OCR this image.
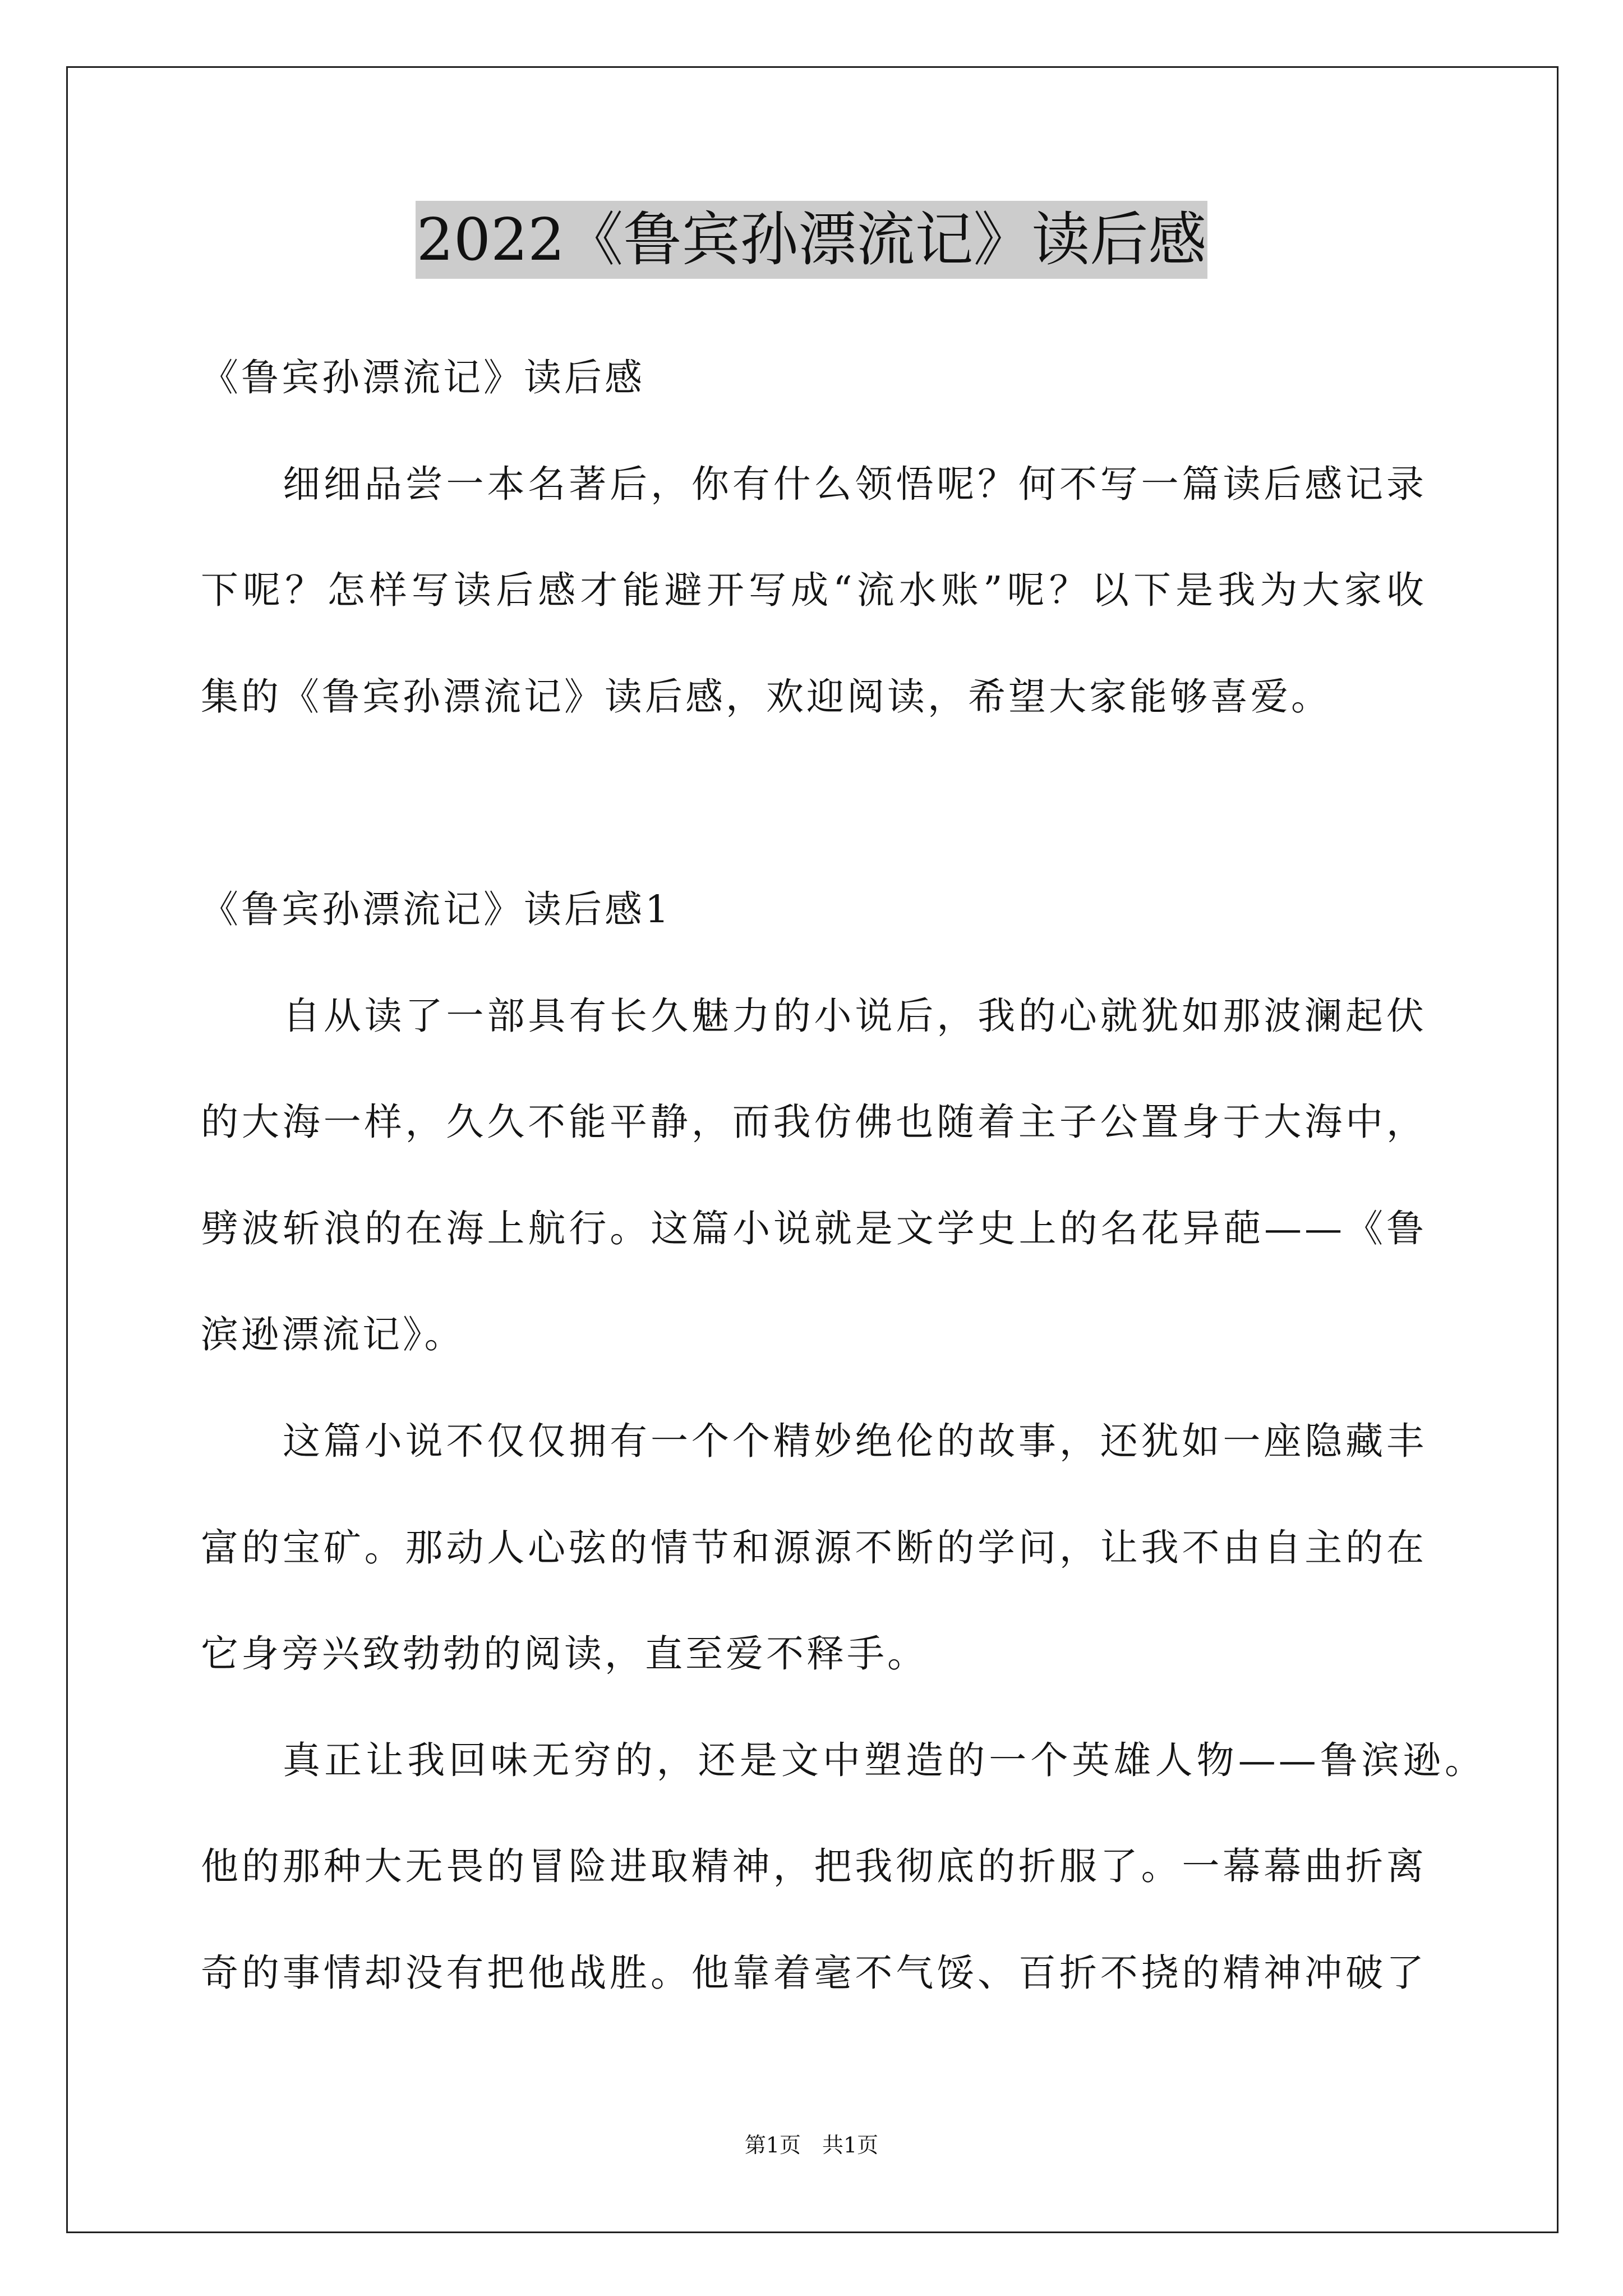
2022《鲁宾孙漂流记》读后感
《鲁宾孙漂流记》读后感
细细品尝一本名著后，你有什么领悟呢？何不写一篇读后感记录
下呢？怎样写读后感才能避开写成“流水账”呢？以下是我为大家收
集的《鲁宾孙漂流记》读后感，欢迎阅读，希望大家能够喜爱。
《鲁宾孙漂流记》读后感1
自从读了一部具有长久魅力的小说后，我的心就犹如那波澜起伏
的大海一样，久久不能平静，而我仿佛也随着主子公置身于大海中，
劈波斩浪的在海上航行。这篇小说就是文学史上的名花异葩——《鲁
滨逊漂流记》。
这篇小说不仅仅拥有一个个精妙绝伦的故事，还犹如一座隐藏丰
富的宝矿。那动人心弦的情节和源源不断的学问，让我不由自主的在
它身旁兴致勃勃的阅读，直至爱不释手。
真正让我回味无穷的，还是文中塑造的一个英雄人物——鲁滨逊。
他的那种大无畏的冒险进取精神，把我彻底的折服了。一幕幕曲折离
奇的事情却没有把他战胜。他靠着毫不气馁、百折不挠的精神冲破了
第1页　共1页
